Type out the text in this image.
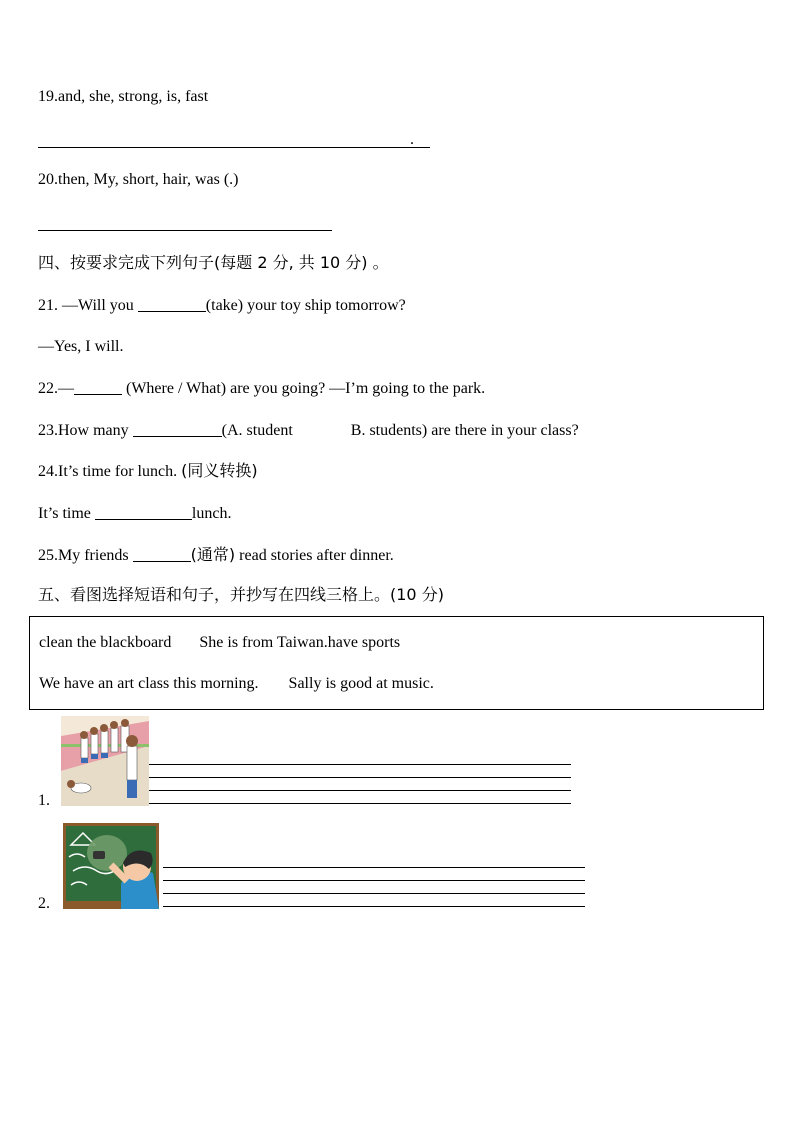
19.and, she, strong, is, fast
.
20.then, My, short, hair, was (.)
四、按要求完成下列句子(每题 2 分, 共 10 分) 。
21. —Will you	(take) your toy ship tomorrow?
—Yes, I will.
22.—	(Where / What) are you going? —I’m going to the park.
23.How many	(A. student	B. students) are there in your class?
24.It’s time for lunch. (同义转换)
It’s time	lunch.
25.My friends	(通常) read stories after dinner.
五、看图选择短语和句子，并抄写在四线三格上。(10 分)
clean the blackboard She is from Taiwan.have sports
We have an art class this morning. Sally is good at music.
1.
2.
